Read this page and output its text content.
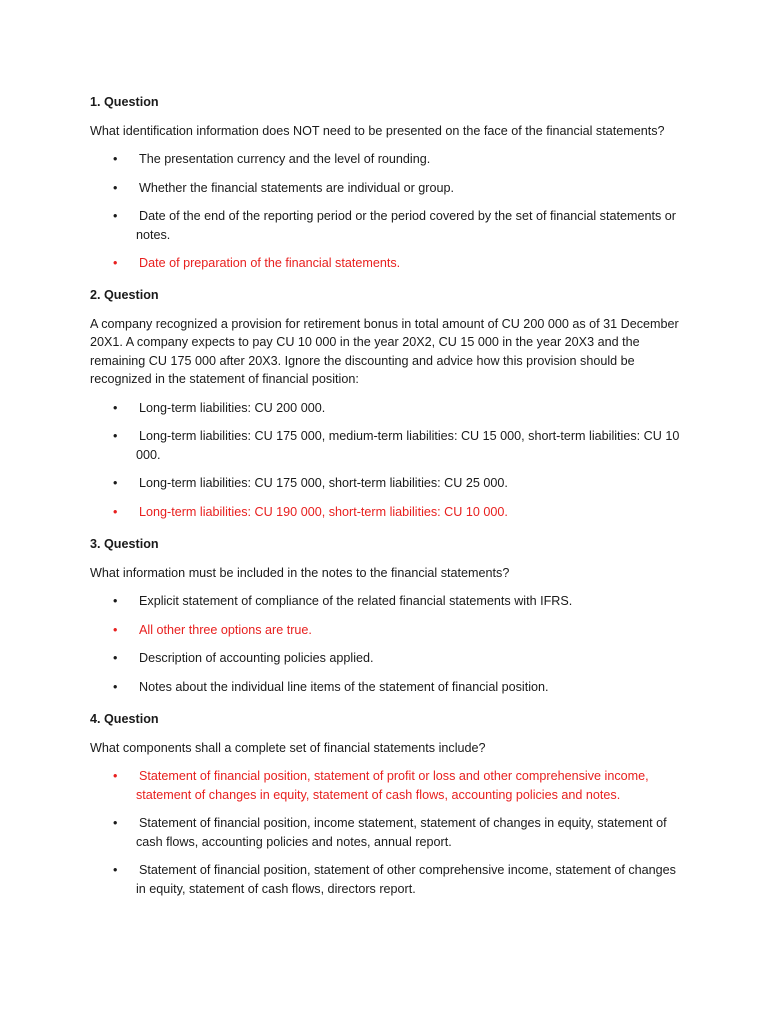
1. Question

What identification information does NOT need to be presented on the face of the financial statements?

• The presentation currency and the level of rounding.
• Whether the financial statements are individual or group.
• Date of the end of the reporting period or the period covered by the set of financial statements or notes.
• Date of preparation of the financial statements.

2. Question

A company recognized a provision for retirement bonus in total amount of CU 200 000 as of 31 December 20X1. A company expects to pay CU 10 000 in the year 20X2, CU 15 000 in the year 20X3 and the remaining CU 175 000 after 20X3. Ignore the discounting and advice how this provision should be recognized in the statement of financial position:

• Long-term liabilities: CU 200 000.
• Long-term liabilities: CU 175 000, medium-term liabilities: CU 15 000, short-term liabilities: CU 10 000.
• Long-term liabilities: CU 175 000, short-term liabilities: CU 25 000.
• Long-term liabilities: CU 190 000, short-term liabilities: CU 10 000.

3. Question

What information must be included in the notes to the financial statements?

• Explicit statement of compliance of the related financial statements with IFRS.
• All other three options are true.
• Description of accounting policies applied.
• Notes about the individual line items of the statement of financial position.

4. Question

What components shall a complete set of financial statements include?

• Statement of financial position, statement of profit or loss and other comprehensive income, statement of changes in equity, statement of cash flows, accounting policies and notes.
• Statement of financial position, income statement, statement of changes in equity, statement of cash flows, accounting policies and notes, annual report.
• Statement of financial position, statement of other comprehensive income, statement of changes in equity, statement of cash flows, directors report.
